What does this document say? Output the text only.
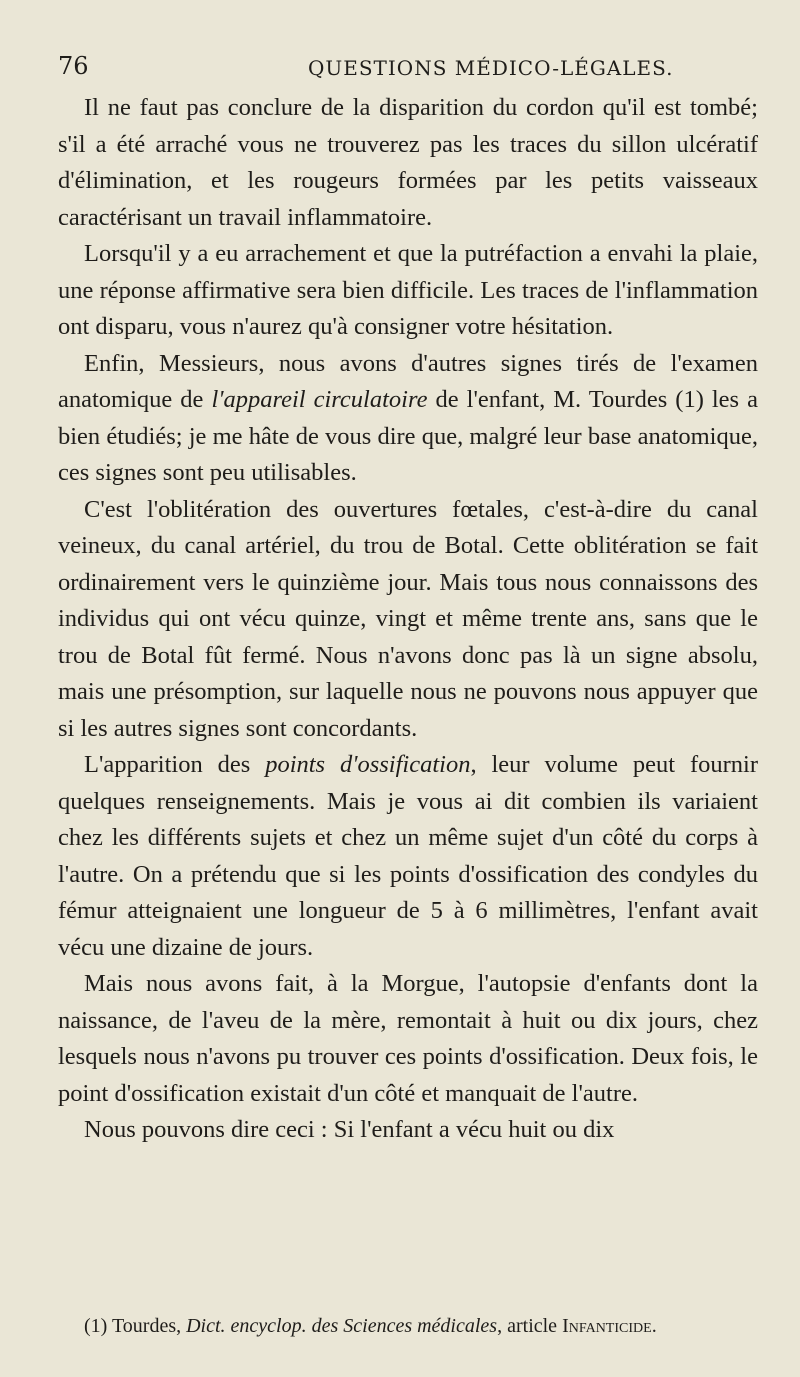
76	QUESTIONS MÉDICO-LÉGALES.

Il ne faut pas conclure de la disparition du cordon qu'il est tombé; s'il a été arraché vous ne trouverez pas les traces du sillon ulcératif d'élimination, et les rougeurs formées par les petits vaisseaux caractérisant un travail inflammatoire.

Lorsqu'il y a eu arrachement et que la putréfaction a envahi la plaie, une réponse affirmative sera bien difficile. Les traces de l'inflammation ont disparu, vous n'aurez qu'à consigner votre hésitation.

Enfin, Messieurs, nous avons d'autres signes tirés de l'examen anatomique de l'appareil circulatoire de l'enfant, M. Tourdes (1) les a bien étudiés; je me hâte de vous dire que, malgré leur base anatomique, ces signes sont peu utilisables.

C'est l'oblitération des ouvertures fœtales, c'est-à-dire du canal veineux, du canal artériel, du trou de Botal. Cette oblitération se fait ordinairement vers le quinzième jour. Mais tous nous connaissons des individus qui ont vécu quinze, vingt et même trente ans, sans que le trou de Botal fût fermé. Nous n'avons donc pas là un signe absolu, mais une présomption, sur laquelle nous ne pouvons nous appuyer que si les autres signes sont concordants.

L'apparition des points d'ossification, leur volume peut fournir quelques renseignements. Mais je vous ai dit combien ils variaient chez les différents sujets et chez un même sujet d'un côté du corps à l'autre. On a prétendu que si les points d'ossification des condyles du fémur atteignaient une longueur de 5 à 6 millimètres, l'enfant avait vécu une dizaine de jours.

Mais nous avons fait, à la Morgue, l'autopsie d'enfants dont la naissance, de l'aveu de la mère, remontait à huit ou dix jours, chez lesquels nous n'avons pu trouver ces points d'ossification. Deux fois, le point d'ossification existait d'un côté et manquait de l'autre.

Nous pouvons dire ceci : Si l'enfant a vécu huit ou dix

(1) Tourdes, Dict. encyclop. des Sciences médicales, article Infanticide.
